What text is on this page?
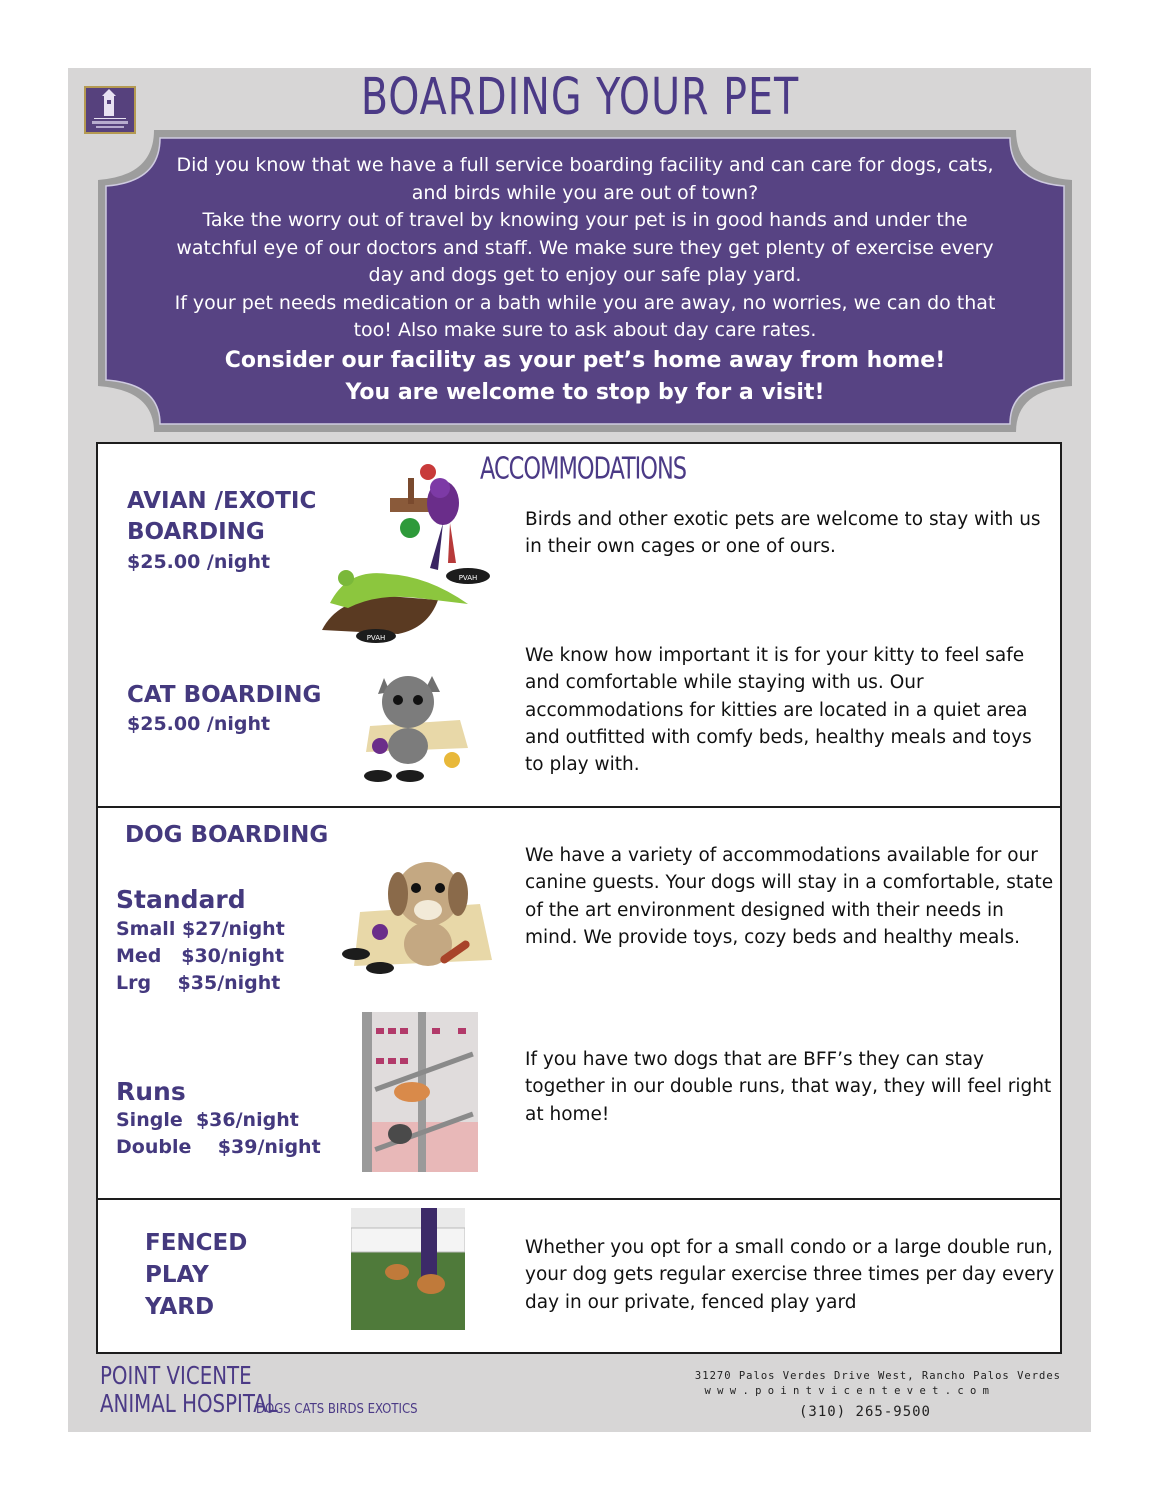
BOARDING YOUR PET

Did you know that we have a full service boarding facility and can care for dogs, cats, and birds while you are out of town?

Take the worry out of travel by knowing your pet is in good hands and under the watchful eye of our doctors and staff. We make sure they get plenty of exercise every day and dogs get to enjoy our safe play yard.

If your pet needs medication or a bath while you are away, no worries, we can do that too! Also make sure to ask about day care rates.

Consider our facility as your pet’s home away from home!

You are welcome to stop by for a visit!

ACCOMMODATIONS
AVIAN /EXOTIC
BOARDING
$25.00 /night
Birds and other exotic pets are welcome to stay with us in their own cages or one of ours.
PVAH
PVAH
CAT BOARDING
$25.00 /night
We know how important it is for your kitty to feel safe and comfortable while staying with us. Our accommodations for kitties are located in a quiet area and outfitted with comfy beds, healthy meals and toys to play with.
DOG BOARDING
Standard
Small $27/night
Med   $30/night
Lrg    $35/night
We have a variety of accommodations available for our canine guests. Your dogs will stay in a comfortable, state of the art environment designed with their needs in mind. We provide toys, cozy beds and healthy meals.
Runs
Single  $36/night
Double    $39/night
If you have two dogs that are BFF’s they can stay together in our double runs, that way, they will feel right at home!
FENCED
PLAY
YARD
Whether you opt for a small condo or a large double run, your dog gets regular exercise three times per day every day in our private, fenced play yard
POINT VICENTE
ANIMAL HOSPITAL
DOGS CATS BIRDS EXOTICS
31270 Palos Verdes Drive West, Rancho Palos Verdes
w w w . p o i n t v i c e n t e v e t . c o m
(310) 265-9500
